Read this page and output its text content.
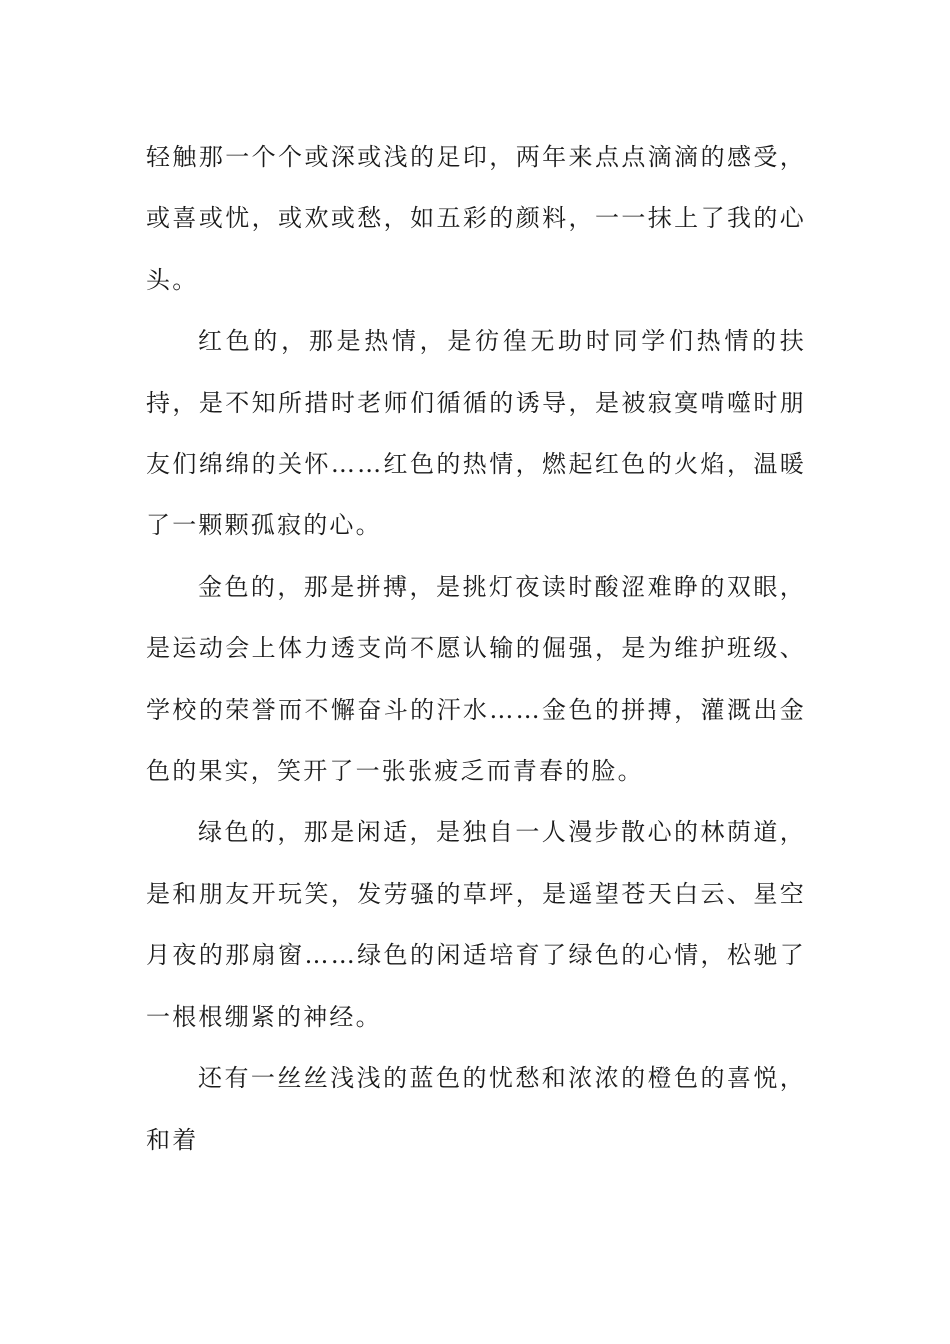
轻触那一个个或深或浅的足印，两年来点点滴滴的感受，或喜或忧，或欢或愁，如五彩的颜料，一一抹上了我的心头。

红色的，那是热情，是彷徨无助时同学们热情的扶持，是不知所措时老师们循循的诱导，是被寂寞啃噬时朋友们绵绵的关怀……红色的热情，燃起红色的火焰，温暖了一颗颗孤寂的心。

金色的，那是拼搏，是挑灯夜读时酸涩难睁的双眼，是运动会上体力透支尚不愿认输的倔强，是为维护班级、学校的荣誉而不懈奋斗的汗水……金色的拼搏，灌溉出金色的果实，笑开了一张张疲乏而青春的脸。

绿色的，那是闲适，是独自一人漫步散心的林荫道，是和朋友开玩笑，发劳骚的草坪，是遥望苍天白云、星空月夜的那扇窗……绿色的闲适培育了绿色的心情，松驰了一根根绷紧的神经。

还有一丝丝浅浅的蓝色的忧愁和浓浓的橙色的喜悦，和着
